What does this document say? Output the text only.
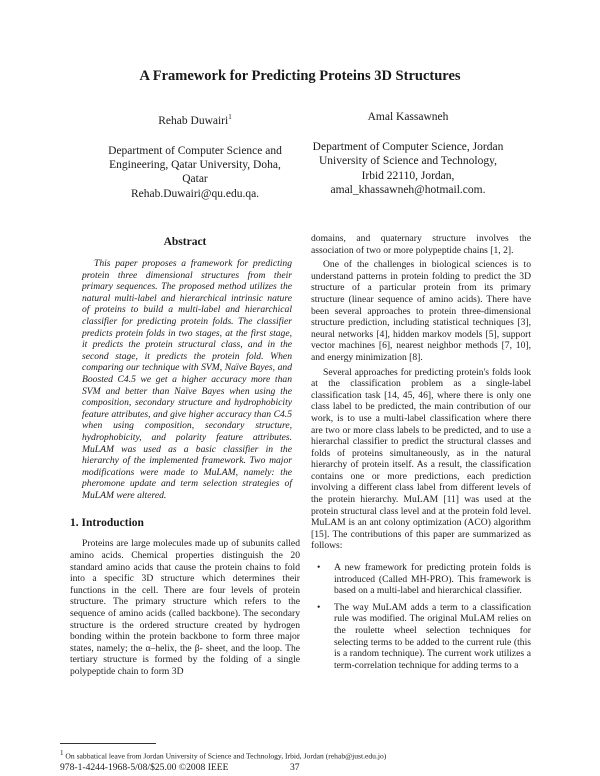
A Framework for Predicting Proteins 3D Structures
Rehab Duwairi$^1$
Department of Computer Science and
Engineering, Qatar University, Doha,
Qatar
Rehab.Duwairi@qu.edu.qa.
Amal Kassawneh
Department of Computer Science, Jordan
University of Science and Technology,
Irbid 22110, Jordan,
amal_khassawneh@hotmail.com.
Abstract

This paper proposes a framework for predicting protein three dimensional structures from their primary sequences. The proposed method utilizes the natural multi-label and hierarchical intrinsic nature of proteins to build a multi-label and hierarchical classifier for predicting protein folds. The classifier predicts protein folds in two stages, at the first stage, it predicts the protein structural class, and in the second stage, it predicts the protein fold. When comparing our technique with SVM, Naïve Bayes, and Boosted C4.5 we get a higher accuracy more than SVM and better than Naïve Bayes when using the composition, secondary structure and hydrophobicity feature attributes, and give higher accuracy than C4.5 when using composition, secondary structure, hydrophobicity, and polarity feature attributes. MuLAM was used as a basic classifier in the hierarchy of the implemented framework. Two major modifications were made to MuLAM, namely: the pheromone update and term selection strategies of MuLAM were altered.

1. Introduction

Proteins are large molecules made up of subunits called amino acids. Chemical properties distinguish the 20 standard amino acids that cause the protein chains to fold into a specific 3D structure which determines their functions in the cell. There are four levels of protein structure. The primary structure which refers to the sequence of amino acids (called backbone). The secondary structure is the ordered structure created by hydrogen bonding within the protein backbone to form three major states, namely; the α–helix, the β- sheet, and the loop. The tertiary structure is formed by the folding of a single polypeptide chain to form 3D

domains, and quaternary structure involves the association of two or more polypeptide chains [1, 2].

One of the challenges in biological sciences is to understand patterns in protein folding to predict the 3D structure of a particular protein from its primary structure (linear sequence of amino acids). There have been several approaches to protein three-dimensional structure prediction, including statistical techniques [3], neural networks [4], hidden markov models [5], support vector machines [6], nearest neighbor methods [7, 10], and energy minimization [8].

Several approaches for predicting protein's folds look at the classification problem as a single-label classification task [14, 45, 46], where there is only one class label to be predicted, the main contribution of our work, is to use a multi-label classification where there are two or more class labels to be predicted, and to use a hierarchal classifier to predict the structural classes and folds of proteins simultaneously, as in the natural hierarchy of protein itself. As a result, the classification contains one or more predictions, each prediction involving a different class label from different levels of the protein hierarchy. MuLAM [11] was used at the protein structural class level and at the protein fold level. MuLAM is an ant colony optimization (ACO) algorithm [15]. The contributions of this paper are summarized as follows:

• A new framework for predicting protein folds is introduced (Called MH-PRO). This framework is based on a multi-label and hierarchical classifier.
• The way MuLAM adds a term to a classification rule was modified. The original MuLAM relies on the roulette wheel selection techniques for selecting terms to be added to the current rule (this is a random technique). The current work utilizes a term-correlation technique for adding terms to a
1 On sabbatical leave from Jordan University of Science and Technology, Irbid, Jordan (rehab@just.edu.jo)
978-1-4244-1968-5/08/$25.00 ©2008 IEEE	37
